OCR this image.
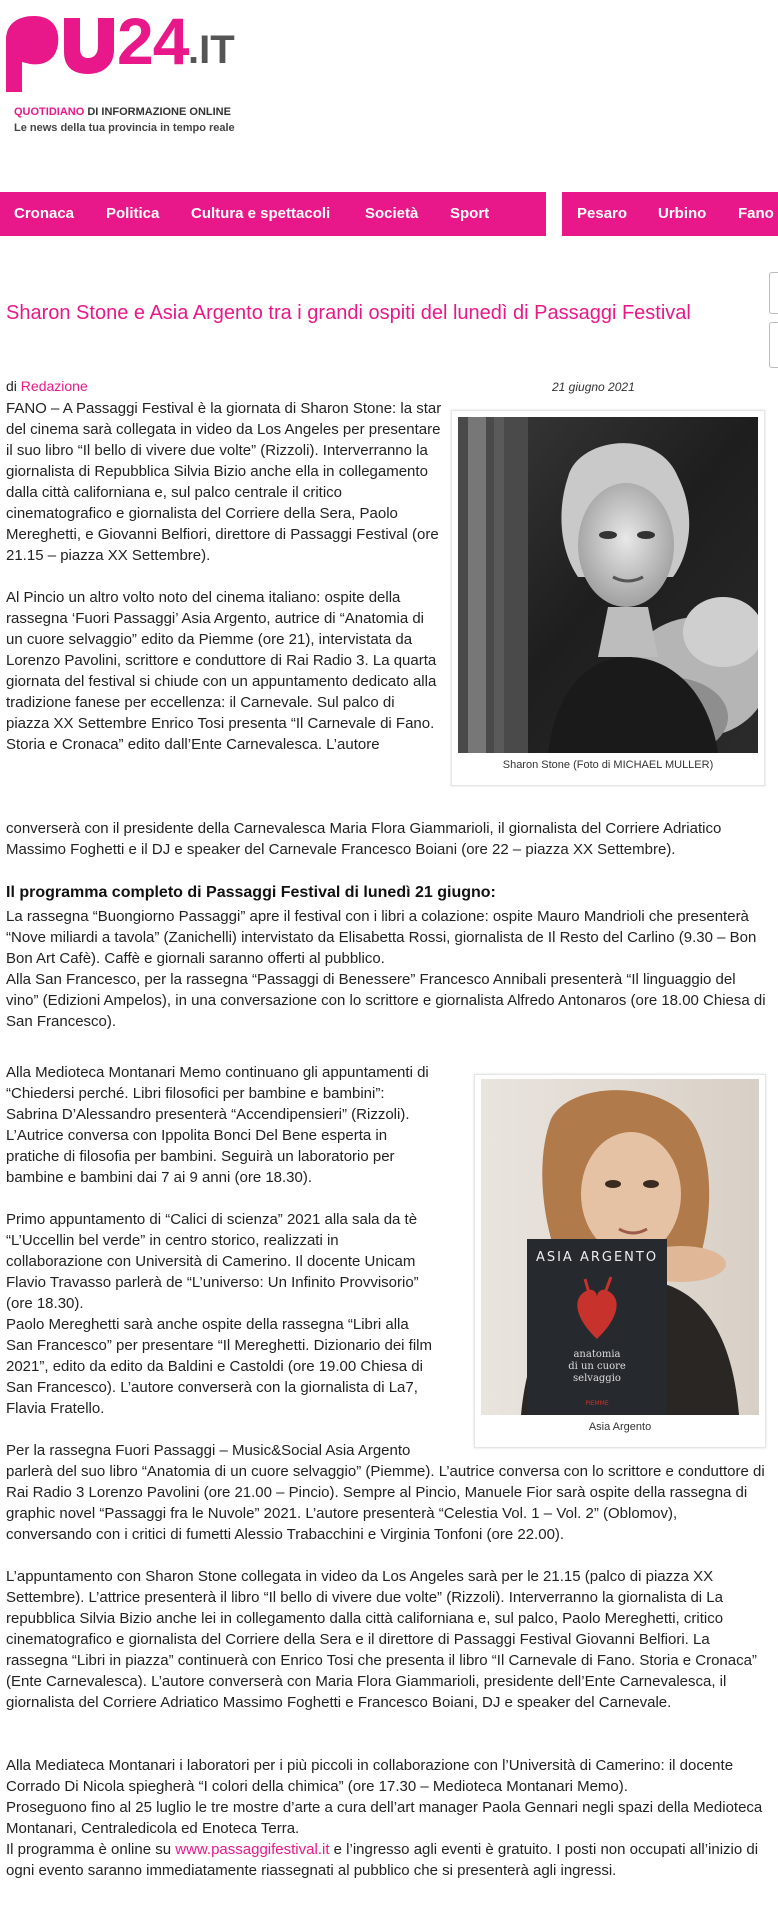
pu 24 .IT
QUOTIDIANO DI INFORMAZIONE ONLINE
Le news della tua provincia in tempo reale
Cronaca Politica Cultura e spettacoli Società Sport	Pesaro Urbino Fano
Sharon Stone e Asia Argento tra i grandi ospiti del lunedì di Passaggi Festival
di Redazione	21 giugno 2021

FANO – A Passaggi Festival è la giornata di Sharon Stone: la star del cinema sarà collegata in video da Los Angeles per presentare il suo libro “Il bello di vivere due volte” (Rizzoli). Interverranno la giornalista di Repubblica Silvia Bizio anche ella in collegamento dalla città californiana e, sul palco centrale il critico cinematografico e giornalista del Corriere della Sera, Paolo Mereghetti, e Giovanni Belfiori, direttore di Passaggi Festival (ore 21.15 – piazza XX Settembre).

Al Pincio un altro volto noto del cinema italiano: ospite della rassegna ‘Fuori Passaggi’ Asia Argento, autrice di “Anatomia di un cuore selvaggio” edito da Piemme (ore 21), intervistata da Lorenzo Pavolini, scrittore e conduttore di Rai Radio 3. La quarta giornata del festival si chiude con un appuntamento dedicato alla tradizione fanese per eccellenza: il Carnevale. Sul palco di piazza XX Settembre Enrico Tosi presenta “Il Carnevale di Fano. Storia e Cronaca” edito dall’Ente Carnevalesca. L’autore

converserà con il presidente della Carnevalesca Maria Flora Giammarioli, il giornalista del Corriere Adriatico Massimo Foghetti e il DJ e speaker del Carnevale Francesco Boiani (ore 22 – piazza XX Settembre).

Il programma completo di Passaggi Festival di lunedì 21 giugno:

La rassegna “Buongiorno Passaggi” apre il festival con i libri a colazione: ospite Mauro Mandrioli che presenterà “Nove miliardi a tavola” (Zanichelli) intervistato da Elisabetta Rossi, giornalista de Il Resto del Carlino (9.30 – Bon Bon Art Cafè). Caffè e giornali saranno offerti al pubblico.

Alla San Francesco, per la rassegna “Passaggi di Benessere” Francesco Annibali presenterà “Il linguaggio del vino” (Edizioni Ampelos), in una conversazione con lo scrittore e giornalista Alfredo Antonaros (ore 18.00 Chiesa di San Francesco).

Alla Medioteca Montanari Memo continuano gli appuntamenti di “Chiedersi perché. Libri filosofici per bambine e bambini”: Sabrina D’Alessandro presenterà “Accendipensieri” (Rizzoli). L’Autrice conversa con Ippolita Bonci Del Bene esperta in pratiche di filosofia per bambini. Seguirà un laboratorio per bambine e bambini dai 7 ai 9 anni (ore 18.30).

Primo appuntamento di “Calici di scienza” 2021 alla sala da tè “L’Uccellin bel verde” in centro storico, realizzati in collaborazione con Università di Camerino. Il docente Unicam Flavio Travasso parlerà de “L’universo: Un Infinito Provvisorio” (ore 18.30).

Paolo Mereghetti sarà anche ospite della rassegna “Libri alla San Francesco” per presentare “Il Mereghetti. Dizionario dei film 2021”, edito da edito da Baldini e Castoldi (ore 19.00 Chiesa di San Francesco). L’autore converserà con la giornalista di La7, Flavia Fratello.

Per la rassegna Fuori Passaggi – Music&Social Asia Argento

parlerà del suo libro “Anatomia di un cuore selvaggio” (Piemme). L’autrice conversa con lo scrittore e conduttore di Rai Radio 3 Lorenzo Pavolini (ore 21.00 – Pincio). Sempre al Pincio, Manuele Fior sarà ospite della rassegna di graphic novel “Passaggi fra le Nuvole” 2021. L’autore presenterà “Celestia Vol. 1 – Vol. 2” (Oblomov), conversando con i critici di fumetti Alessio Trabacchini e Virginia Tonfoni (ore 22.00).

L’appuntamento con Sharon Stone collegata in video da Los Angeles sarà per le 21.15 (palco di piazza XX Settembre). L’attrice presenterà il libro “Il bello di vivere due volte” (Rizzoli). Interverranno la giornalista di La repubblica Silvia Bizio anche lei in collegamento dalla città californiana e, sul palco, Paolo Mereghetti, critico cinematografico e giornalista del Corriere della Sera e il direttore di Passaggi Festival Giovanni Belfiori. La rassegna “Libri in piazza” continuerà con Enrico Tosi che presenta il libro “Il Carnevale di Fano. Storia e Cronaca” (Ente Carnevalesca). L’autore converserà con Maria Flora Giammarioli, presidente dell’Ente Carnevalesca, il giornalista del Corriere Adriatico Massimo Foghetti e Francesco Boiani, DJ e speaker del Carnevale.

Alla Mediateca Montanari i laboratori per i più piccoli in collaborazione con l’Università di Camerino: il docente Corrado Di Nicola spiegherà “I colori della chimica” (ore 17.30 – Medioteca Montanari Memo).

Proseguono fino al 25 luglio le tre mostre d’arte a cura dell’art manager Paola Gennari negli spazi della Medioteca Montanari, Centraledicola ed Enoteca Terra.

Il programma è online su www.passaggifestival.it e l’ingresso agli eventi è gratuito. I posti non occupati all’inizio di ogni evento saranno immediatamente riassegnati al pubblico che si presenterà agli ingressi.

Sharon Stone (Foto di MICHAEL MULLER)
ASIA ARGENTO
anatomia
di un cuore
selvaggio
PIEMME
Asia Argento
